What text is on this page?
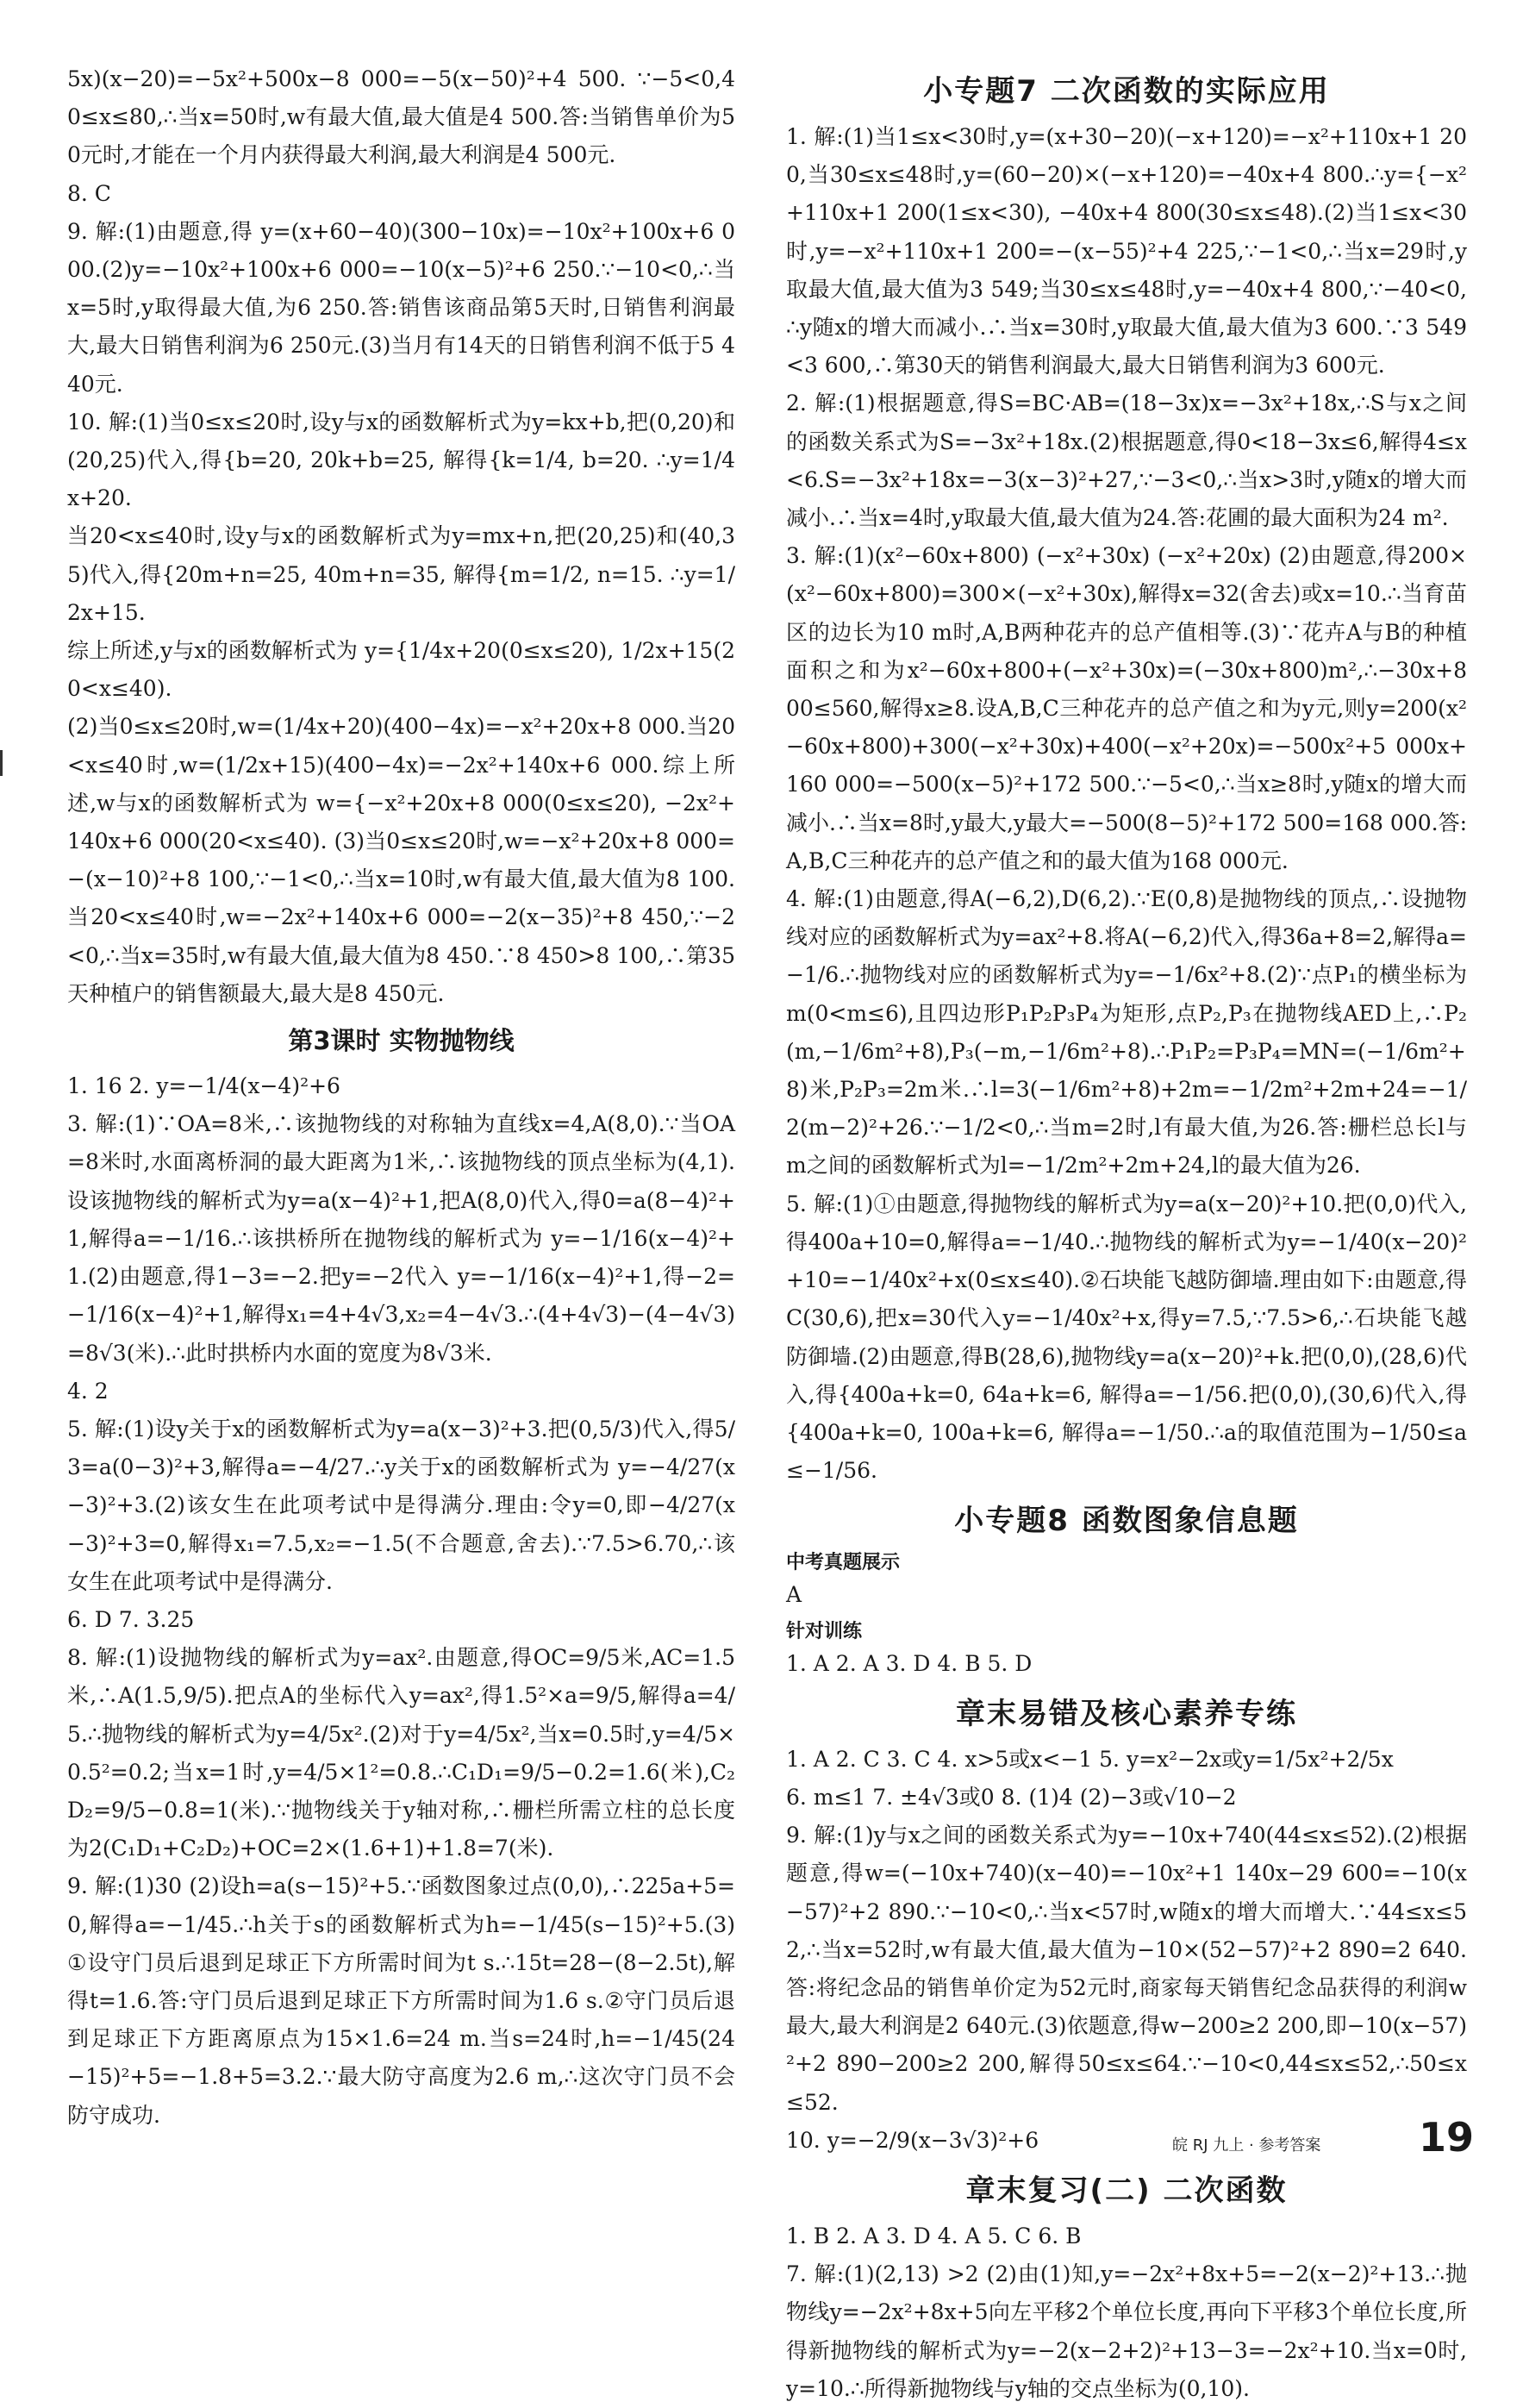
5x)(x−20)=−5x²+500x−8 000=−5(x−50)²+4 500. ∵−5<0,40≤x≤80,∴当x=50时,w有最大值,最大值是4 500.答:当销售单价为50元时,才能在一个月内获得最大利润,最大利润是4 500元.

8. C

9. 解:(1)由题意,得 y=(x+60−40)(300−10x)=−10x²+100x+6 000.(2)y=−10x²+100x+6 000=−10(x−5)²+6 250.∵−10<0,∴当x=5时,y取得最大值,为6 250.答:销售该商品第5天时,日销售利润最大,最大日销售利润为6 250元.(3)当月有14天的日销售利润不低于5 440元.

10. 解:(1)当0≤x≤20时,设y与x的函数解析式为y=kx+b,把(0,20)和(20,25)代入,得{b=20, 20k+b=25, 解得{k=1/4, b=20. ∴y=1/4x+20.

当20<x≤40时,设y与x的函数解析式为y=mx+n,把(20,25)和(40,35)代入,得{20m+n=25, 40m+n=35, 解得{m=1/2, n=15. ∴y=1/2x+15.

综上所述,y与x的函数解析式为 y={1/4x+20(0≤x≤20), 1/2x+15(20<x≤40).

(2)当0≤x≤20时,w=(1/4x+20)(400−4x)=−x²+20x+8 000.当20<x≤40时,w=(1/2x+15)(400−4x)=−2x²+140x+6 000.综上所述,w与x的函数解析式为 w={−x²+20x+8 000(0≤x≤20), −2x²+140x+6 000(20<x≤40). (3)当0≤x≤20时,w=−x²+20x+8 000=−(x−10)²+8 100,∵−1<0,∴当x=10时,w有最大值,最大值为8 100.当20<x≤40时,w=−2x²+140x+6 000=−2(x−35)²+8 450,∵−2<0,∴当x=35时,w有最大值,最大值为8 450.∵8 450>8 100,∴第35天种植户的销售额最大,最大是8 450元.

第3课时 实物抛物线

1. 16 2. y=−1/4(x−4)²+6

3. 解:(1)∵OA=8米,∴该抛物线的对称轴为直线x=4,A(8,0).∵当OA=8米时,水面离桥洞的最大距离为1米,∴该抛物线的顶点坐标为(4,1).设该抛物线的解析式为y=a(x−4)²+1,把A(8,0)代入,得0=a(8−4)²+1,解得a=−1/16.∴该拱桥所在抛物线的解析式为 y=−1/16(x−4)²+1.(2)由题意,得1−3=−2.把y=−2代入 y=−1/16(x−4)²+1,得−2=−1/16(x−4)²+1,解得x₁=4+4√3,x₂=4−4√3.∴(4+4√3)−(4−4√3)=8√3(米).∴此时拱桥内水面的宽度为8√3米.

4. 2

5. 解:(1)设y关于x的函数解析式为y=a(x−3)²+3.把(0,5/3)代入,得5/3=a(0−3)²+3,解得a=−4/27.∴y关于x的函数解析式为 y=−4/27(x−3)²+3.(2)该女生在此项考试中是得满分.理由:令y=0,即−4/27(x−3)²+3=0,解得x₁=7.5,x₂=−1.5(不合题意,舍去).∵7.5>6.70,∴该女生在此项考试中是得满分.

6. D 7. 3.25

8. 解:(1)设抛物线的解析式为y=ax².由题意,得OC=9/5米,AC=1.5米,∴A(1.5,9/5).把点A的坐标代入y=ax²,得1.5²×a=9/5,解得a=4/5.∴抛物线的解析式为y=4/5x².(2)对于y=4/5x²,当x=0.5时,y=4/5×0.5²=0.2;当x=1时,y=4/5×1²=0.8.∴C₁D₁=9/5−0.2=1.6(米),C₂D₂=9/5−0.8=1(米).∵抛物线关于y轴对称,∴栅栏所需立柱的总长度为2(C₁D₁+C₂D₂)+OC=2×(1.6+1)+1.8=7(米).

9. 解:(1)30 (2)设h=a(s−15)²+5.∵函数图象过点(0,0),∴225a+5=0,解得a=−1/45.∴h关于s的函数解析式为h=−1/45(s−15)²+5.(3)①设守门员后退到足球正下方所需时间为t s.∴15t=28−(8−2.5t),解得t=1.6.答:守门员后退到足球正下方所需时间为1.6 s.②守门员后退到足球正下方距离原点为15×1.6=24 m.当s=24时,h=−1/45(24−15)²+5=−1.8+5=3.2.∵最大防守高度为2.6 m,∴这次守门员不会防守成功.

小专题7 二次函数的实际应用

1. 解:(1)当1≤x<30时,y=(x+30−20)(−x+120)=−x²+110x+1 200,当30≤x≤48时,y=(60−20)×(−x+120)=−40x+4 800.∴y={−x²+110x+1 200(1≤x<30), −40x+4 800(30≤x≤48).(2)当1≤x<30时,y=−x²+110x+1 200=−(x−55)²+4 225,∵−1<0,∴当x=29时,y取最大值,最大值为3 549;当30≤x≤48时,y=−40x+4 800,∵−40<0,∴y随x的增大而减小.∴当x=30时,y取最大值,最大值为3 600.∵3 549<3 600,∴第30天的销售利润最大,最大日销售利润为3 600元.

2. 解:(1)根据题意,得S=BC·AB=(18−3x)x=−3x²+18x,∴S与x之间的函数关系式为S=−3x²+18x.(2)根据题意,得0<18−3x≤6,解得4≤x<6.S=−3x²+18x=−3(x−3)²+27,∵−3<0,∴当x>3时,y随x的增大而减小.∴当x=4时,y取最大值,最大值为24.答:花圃的最大面积为24 m².

3. 解:(1)(x²−60x+800) (−x²+30x) (−x²+20x) (2)由题意,得200×(x²−60x+800)=300×(−x²+30x),解得x=32(舍去)或x=10.∴当育苗区的边长为10 m时,A,B两种花卉的总产值相等.(3)∵花卉A与B的种植面积之和为x²−60x+800+(−x²+30x)=(−30x+800)m²,∴−30x+800≤560,解得x≥8.设A,B,C三种花卉的总产值之和为y元,则y=200(x²−60x+800)+300(−x²+30x)+400(−x²+20x)=−500x²+5 000x+160 000=−500(x−5)²+172 500.∵−5<0,∴当x≥8时,y随x的增大而减小.∴当x=8时,y最大,y最大=−500(8−5)²+172 500=168 000.答:A,B,C三种花卉的总产值之和的最大值为168 000元.

4. 解:(1)由题意,得A(−6,2),D(6,2).∵E(0,8)是抛物线的顶点,∴设抛物线对应的函数解析式为y=ax²+8.将A(−6,2)代入,得36a+8=2,解得a=−1/6.∴抛物线对应的函数解析式为y=−1/6x²+8.(2)∵点P₁的横坐标为m(0<m≤6),且四边形P₁P₂P₃P₄为矩形,点P₂,P₃在抛物线AED上,∴P₂(m,−1/6m²+8),P₃(−m,−1/6m²+8).∴P₁P₂=P₃P₄=MN=(−1/6m²+8)米,P₂P₃=2m米.∴l=3(−1/6m²+8)+2m=−1/2m²+2m+24=−1/2(m−2)²+26.∵−1/2<0,∴当m=2时,l有最大值,为26.答:栅栏总长l与m之间的函数解析式为l=−1/2m²+2m+24,l的最大值为26.

5. 解:(1)①由题意,得抛物线的解析式为y=a(x−20)²+10.把(0,0)代入,得400a+10=0,解得a=−1/40.∴抛物线的解析式为y=−1/40(x−20)²+10=−1/40x²+x(0≤x≤40).②石块能飞越防御墙.理由如下:由题意,得C(30,6),把x=30代入y=−1/40x²+x,得y=7.5,∵7.5>6,∴石块能飞越防御墙.(2)由题意,得B(28,6),抛物线y=a(x−20)²+k.把(0,0),(28,6)代入,得{400a+k=0, 64a+k=6, 解得a=−1/56.把(0,0),(30,6)代入,得{400a+k=0, 100a+k=6, 解得a=−1/50.∴a的取值范围为−1/50≤a≤−1/56.

小专题8 函数图象信息题
中考真题展示

A

针对训练

1. A 2. A 3. D 4. B 5. D

章末易错及核心素养专练

1. A 2. C 3. C 4. x>5或x<−1 5. y=x²−2x或y=1/5x²+2/5x

6. m≤1 7. ±4√3或0 8. (1)4 (2)−3或√10−2

9. 解:(1)y与x之间的函数关系式为y=−10x+740(44≤x≤52).(2)根据题意,得w=(−10x+740)(x−40)=−10x²+1 140x−29 600=−10(x−57)²+2 890.∵−10<0,∴当x<57时,w随x的增大而增大.∵44≤x≤52,∴当x=52时,w有最大值,最大值为−10×(52−57)²+2 890=2 640.答:将纪念品的销售单价定为52元时,商家每天销售纪念品获得的利润w最大,最大利润是2 640元.(3)依题意,得w−200≥2 200,即−10(x−57)²+2 890−200≥2 200,解得50≤x≤64.∵−10<0,44≤x≤52,∴50≤x≤52.

10. y=−2/9(x−3√3)²+6

章末复习(二) 二次函数

1. B 2. A 3. D 4. A 5. C 6. B

7. 解:(1)(2,13) >2 (2)由(1)知,y=−2x²+8x+5=−2(x−2)²+13.∴抛物线y=−2x²+8x+5向左平移2个单位长度,再向下平移3个单位长度,所得新抛物线的解析式为y=−2(x−2+2)²+13−3=−2x²+10.当x=0时,y=10.∴所得新抛物线与y轴的交点坐标为(0,10).

皖 RJ 九上 · 参考答案 19
